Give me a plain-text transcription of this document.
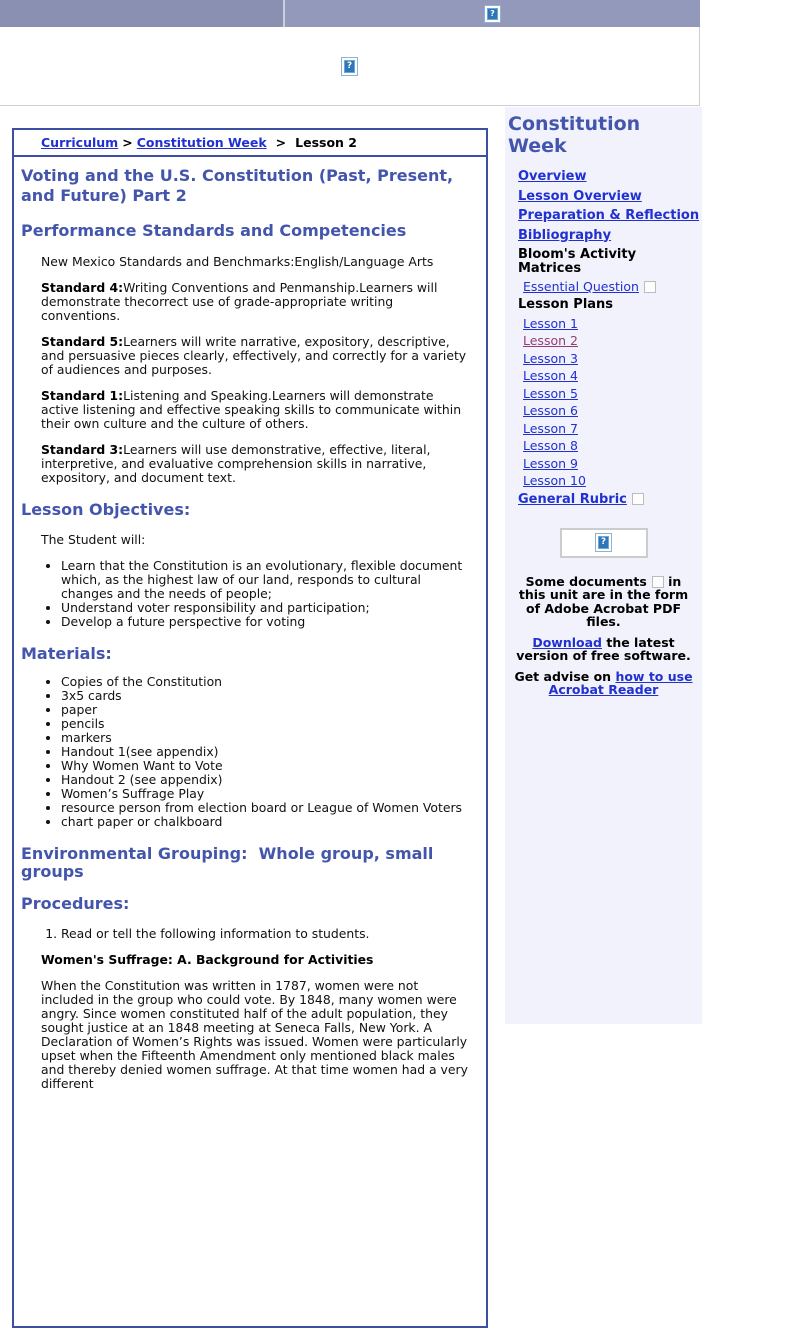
?
?
Constitution Week
Overview
Lesson Overview
Preparation & Reflection
Bibliography
Bloom's Activity Matrices
Essential Question
Lesson Plans
Lesson 1
Lesson 2
Lesson 3
Lesson 4
Lesson 5
Lesson 6
Lesson 7
Lesson 8
Lesson 9
Lesson 10
General Rubric
?
Some documents in this unit are in the form of Adobe Acrobat PDF files.
Download the latest version of free software.
Get advise on how to use Acrobat Reader
Curriculum > Constitution Week > Lesson 2
Voting and the U.S. Constitution (Past, Present, and Future) Part 2
Performance Standards and Competencies

New Mexico Standards and Benchmarks:English/Language Arts

Standard 4:Writing Conventions and Penmanship.Learners will demonstrate thecorrect use of grade-appropriate writing conventions.

Standard 5:Learners will write narrative, expository, descriptive, and persuasive pieces clearly, effectively, and correctly for a variety of audiences and purposes.

Standard 1:Listening and Speaking.Learners will demonstrate active listening and effective speaking skills to communicate within their own culture and the culture of others.

Standard 3:Learners will use demonstrative, effective, literal, interpretive, and evaluative comprehension skills in narrative, expository, and document text.

Lesson Objectives:

The Student will:

• Learn that the Constitution is an evolutionary, flexible document which, as the highest law of our land, responds to cultural changes and the needs of people;
• Understand voter responsibility and participation;
• Develop a future perspective for voting
Materials:
• Copies of the Constitution
• 3x5 cards
• paper
• pencils
• markers
• Handout 1(see appendix)
• Why Women Want to Vote
• Handout 2 (see appendix)
• Women’s Suffrage Play
• resource person from election board or League of Women Voters
• chart paper or chalkboard
Environmental Grouping:  Whole group, small groups
Procedures:
1. Read or tell the following information to students.

Women's Suffrage: A. Background for Activities

When the Constitution was written in 1787, women were not included in the group who could vote. By 1848, many women were angry. Since women constituted half of the adult population, they sought justice at an 1848 meeting at Seneca Falls, New York. A Declaration of Women’s Rights was issued. Women were particularly upset when the Fifteenth Amendment only mentioned black males and thereby denied women suffrage. At that time women had a very different
